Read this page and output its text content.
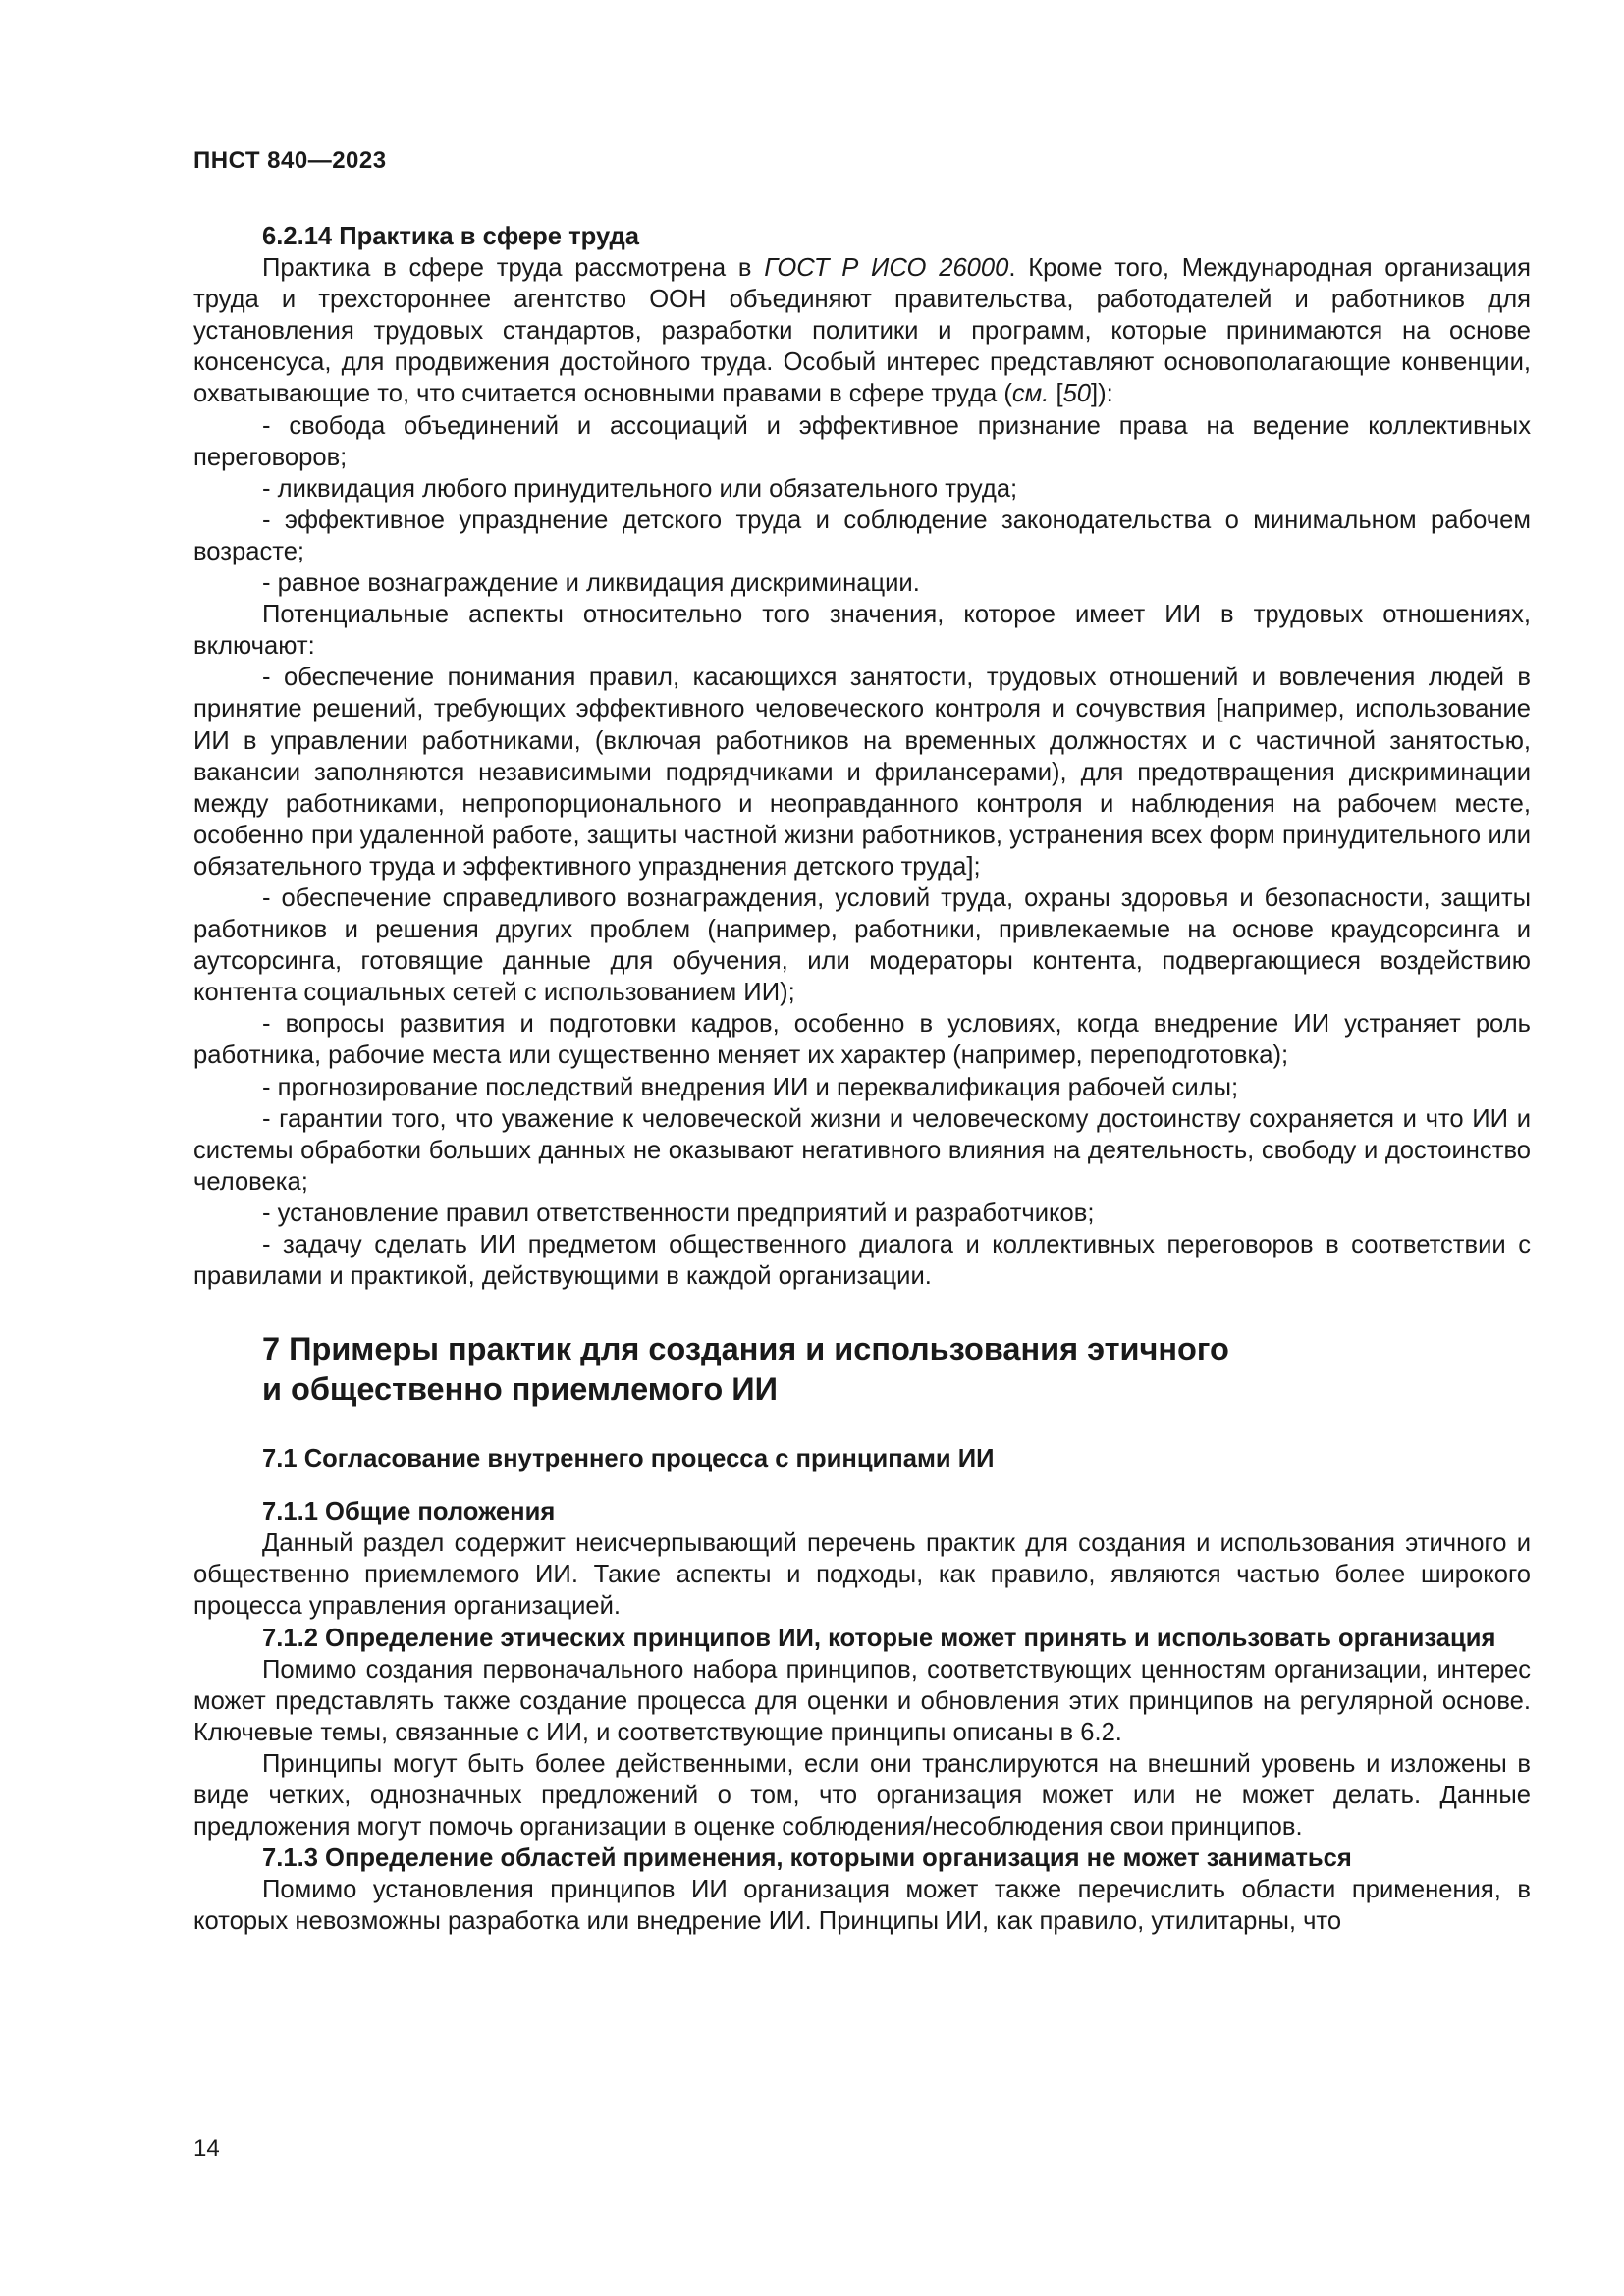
ПНСТ 840—2023
6.2.14 Практика в сфере труда

Практика в сфере труда рассмотрена в ГОСТ Р ИСО 26000. Кроме того, Международная организация труда и трехстороннее агентство ООН объединяют правительства, работодателей и работников для установления трудовых стандартов, разработки политики и программ, которые принимаются на основе консенсуса, для продвижения достойного труда. Особый интерес представляют основополагающие конвенции, охватывающие то, что считается основными правами в сфере труда (см. [50]):

- свобода объединений и ассоциаций и эффективное признание права на ведение коллективных переговоров;

- ликвидация любого принудительного или обязательного труда;

- эффективное упразднение детского труда и соблюдение законодательства о минимальном рабочем возрасте;

- равное вознаграждение и ликвидация дискриминации.

Потенциальные аспекты относительно того значения, которое имеет ИИ в трудовых отношениях, включают:

- обеспечение понимания правил, касающихся занятости, трудовых отношений и вовлечения людей в принятие решений, требующих эффективного человеческого контроля и сочувствия [например, использование ИИ в управлении работниками, (включая работников на временных должностях и с частичной занятостью, вакансии заполняются независимыми подрядчиками и фрилансерами), для предотвращения дискриминации между работниками, непропорционального и неоправданного контроля и наблюдения на рабочем месте, особенно при удаленной работе, защиты частной жизни работников, устранения всех форм принудительного или обязательного труда и эффективного упразднения детского труда];

- обеспечение справедливого вознаграждения, условий труда, охраны здоровья и безопасности, защиты работников и решения других проблем (например, работники, привлекаемые на основе краудсорсинга и аутсорсинга, готовящие данные для обучения, или модераторы контента, подвергающиеся воздействию контента социальных сетей с использованием ИИ);

- вопросы развития и подготовки кадров, особенно в условиях, когда внедрение ИИ устраняет роль работника, рабочие места или существенно меняет их характер (например, переподготовка);

- прогнозирование последствий внедрения ИИ и переквалификация рабочей силы;

- гарантии того, что уважение к человеческой жизни и человеческому достоинству сохраняется и что ИИ и системы обработки больших данных не оказывают негативного влияния на деятельность, свободу и достоинство человека;

- установление правил ответственности предприятий и разработчиков;

- задачу сделать ИИ предметом общественного диалога и коллективных переговоров в соответствии с правилами и практикой, действующими в каждой организации.

7 Примеры практик для создания и использования этичного
и общественно приемлемого ИИ
7.1 Согласование внутреннего процесса с принципами ИИ
7.1.1 Общие положения

Данный раздел содержит неисчерпывающий перечень практик для создания и использования этичного и общественно приемлемого ИИ. Такие аспекты и подходы, как правило, являются частью более широкого процесса управления организацией.

7.1.2 Определение этических принципов ИИ, которые может принять и использовать организация

Помимо создания первоначального набора принципов, соответствующих ценностям организации, интерес может представлять также создание процесса для оценки и обновления этих принципов на регулярной основе. Ключевые темы, связанные с ИИ, и соответствующие принципы описаны в 6.2.

Принципы могут быть более действенными, если они транслируются на внешний уровень и изложены в виде четких, однозначных предложений о том, что организация может или не может делать. Данные предложения могут помочь организации в оценке соблюдения/несоблюдения свои принципов.

7.1.3 Определение областей применения, которыми организация не может заниматься

Помимо установления принципов ИИ организация может также перечислить области применения, в которых невозможны разработка или внедрение ИИ. Принципы ИИ, как правило, утилитарны, что

14
